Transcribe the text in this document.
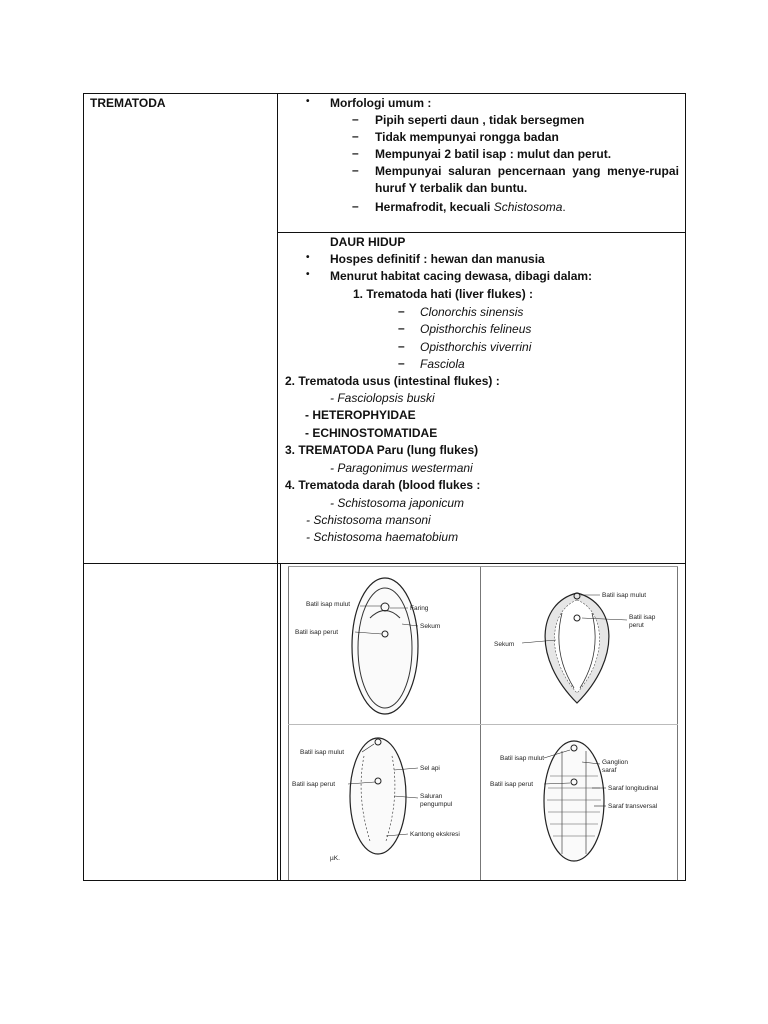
TREMATODA	• Morfologi umum :
– Pipih seperti daun , tidak bersegmen
– Tidak mempunyai rongga badan
– Mempunyai 2 batil isap : mulut dan perut.
– Mempunyai saluran pencernaan yang menye-rupai
huruf Y terbalik dan buntu.
– Hermafrodit, kecuali Schistosoma.
DAUR HIDUP
• Hospes definitif : hewan dan manusia
• Menurut habitat cacing dewasa, dibagi dalam:
1. Trematoda hati (liver flukes) :
– Clonorchis sinensis
– Opisthorchis felineus
– Opisthorchis viverrini
– Fasciola
2. Trematoda usus (intestinal flukes) :
- Fasciolopsis buski
- HETEROPHYIDAE
- ECHINOSTOMATIDAE
3. TREMATODA Paru (lung flukes)
- Paragonimus westermani
4. Trematoda darah (blood flukes :
- Schistosoma japonicum
- Schistosoma mansoni
- Schistosoma haematobium
Batil isap mulut
Faring
Sekum
Batil isap perut
Batil isap mulut
Batil isap
perut
Sekum
Batil isap mulut
Sel api
Batil isap perut
Saluran
pengumpul
Kantong ekskresi
µK.
Batil isap mulut
Ganglion
saraf
Batil isap perut
Saraf longitudinal
Saraf transversal
